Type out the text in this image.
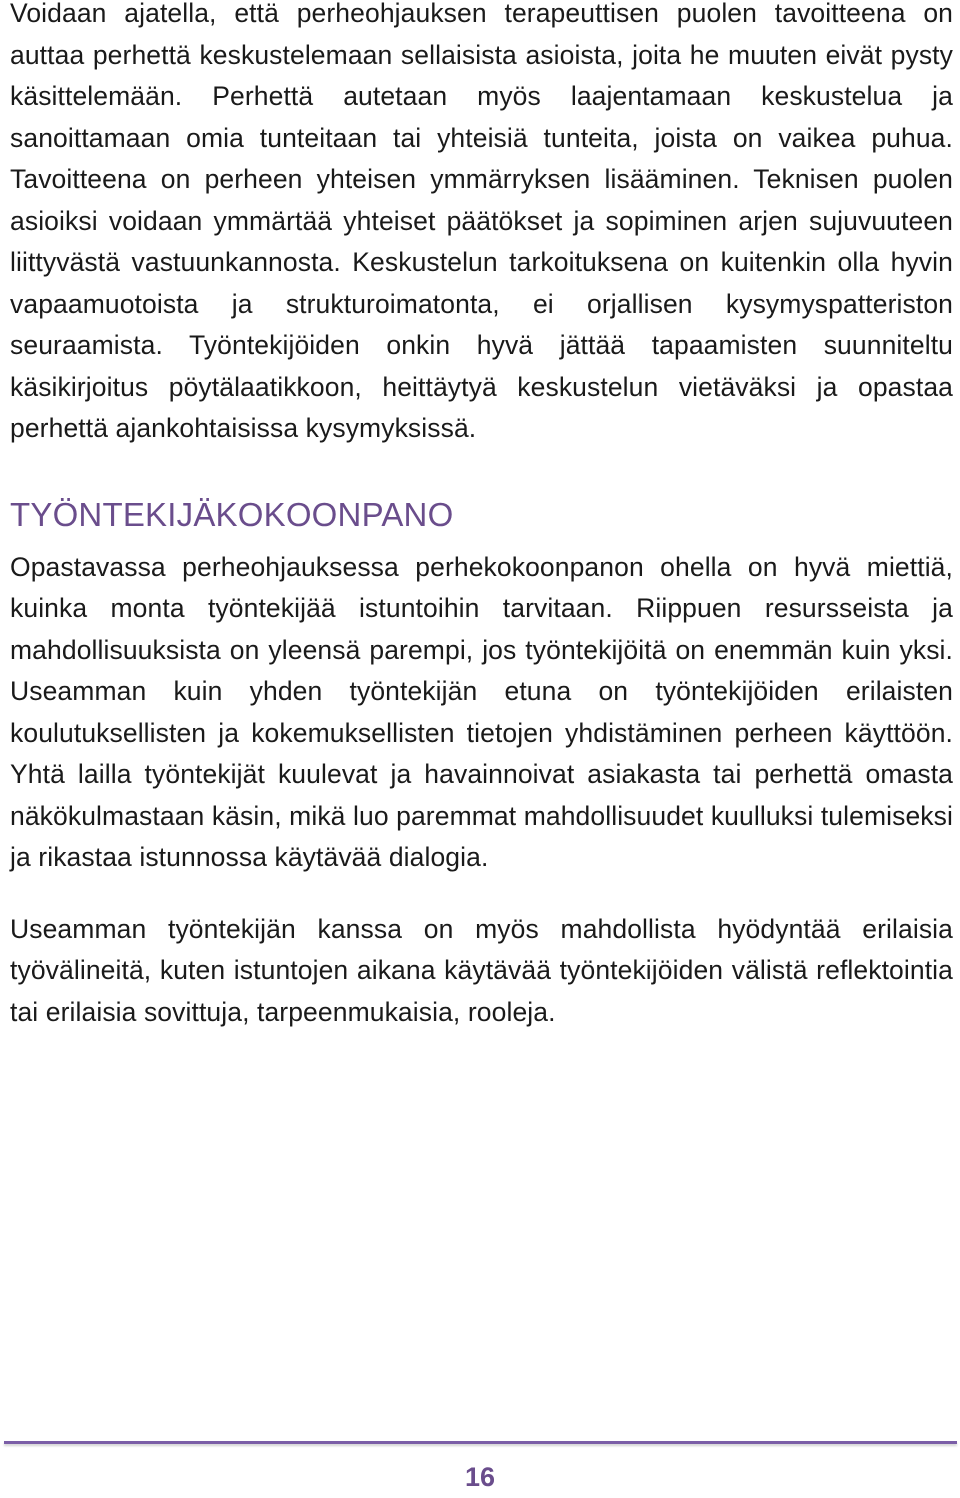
Voidaan ajatella, että perheohjauksen terapeuttisen puolen tavoitteena on auttaa perhettä keskustelemaan sellaisista asioista, joita he muuten eivät pysty käsittelemään. Perhettä autetaan myös laajentamaan keskustelua ja sanoittamaan omia tunteitaan tai yhteisiä tunteita, joista on vaikea puhua. Tavoitteena on perheen yhteisen ymmärryksen lisääminen. Teknisen puolen asioiksi voidaan ymmärtää yhteiset päätökset ja sopiminen arjen sujuvuuteen liittyvästä vastuunkannosta. Keskustelun tarkoituksena on kuitenkin olla hyvin vapaamuotoista ja strukturoimatonta, ei orjallisen kysymyspatteriston seuraamista. Työntekijöiden onkin hyvä jättää tapaamisten suunniteltu käsikirjoitus pöytälaatikkoon, heittäytyä keskustelun vietäväksi ja opastaa perhettä ajankohtaisissa kysymyksissä.

TYÖNTEKIJÄKOKOONPANO

Opastavassa perheohjauksessa perhekokoonpanon ohella on hyvä miettiä, kuinka monta työntekijää istuntoihin tarvitaan. Riippuen resursseista ja mahdollisuuksista on yleensä parempi, jos työntekijöitä on enemmän kuin yksi. Useamman kuin yhden työntekijän etuna on työntekijöiden erilaisten koulutuksellisten ja kokemuksellisten tietojen yhdistäminen perheen käyttöön. Yhtä lailla työntekijät kuulevat ja havainnoivat asiakasta tai perhettä omasta näkökulmastaan käsin, mikä luo paremmat mahdollisuudet kuulluksi tulemiseksi ja rikastaa istunnossa käytävää dialogia.

Useamman työntekijän kanssa on myös mahdollista hyödyntää erilaisia työvälineitä, kuten istuntojen aikana käytävää työntekijöiden välistä reflektointia tai erilaisia sovittuja, tarpeenmukaisia, rooleja.

16
